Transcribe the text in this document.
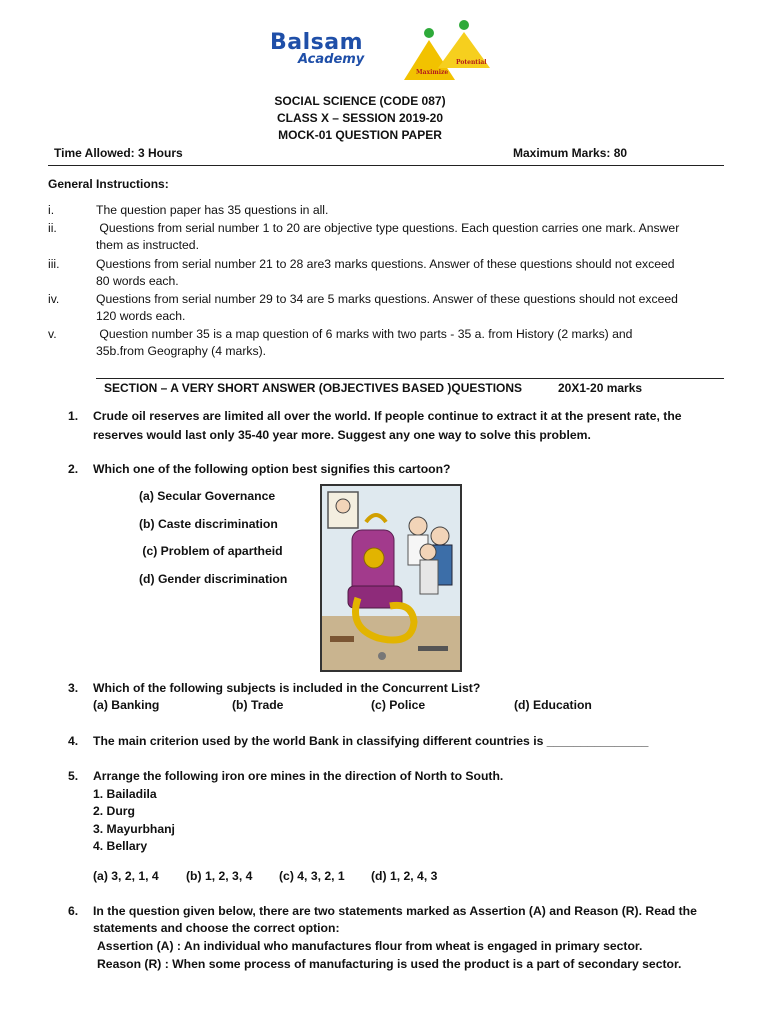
Balsam
Academy
Maximize
Potential
SOCIAL SCIENCE (CODE 087)
CLASS X – SESSION 2019-20
MOCK-01 QUESTION PAPER
Time Allowed: 3 Hours	Maximum Marks: 80
General Instructions:
i.	The question paper has 35 questions in all.
ii.	Questions from serial number 1 to 20 are objective type questions. Each question carries one mark. Answer
them as instructed.
iii.	Questions from serial number 21 to 28 are3 marks questions. Answer of these questions should not exceed
80 words each.
iv.	Questions from serial number 29 to 34 are 5 marks questions. Answer of these questions should not exceed
120 words each.
v.	Question number 35 is a map question of 6 marks with two parts - 35 a. from History (2 marks) and
35b.from Geography (4 marks).
SECTION – A VERY SHORT ANSWER (OBJECTIVES BASED )QUESTIONS	20X1-20 marks
1. Crude oil reserves are limited all over the world. If people continue to extract it at the present rate, the
reserves would last only 35-40 year more. Suggest any one way to solve this problem.
2. Which one of the following option best signifies this cartoon?
(a) Secular Governance
(b) Caste discrimination
(c) Problem of apartheid
(d) Gender discrimination
3. Which of the following subjects is included in the Concurrent List?
(a) Banking	(b) Trade	(c) Police	(d) Education
4. The main criterion used by the world Bank in classifying different countries is _______________
5. Arrange the following iron ore mines in the direction of North to South.
1. Bailadila
2. Durg
3. Mayurbhanj
4. Bellary
(a) 3, 2, 1, 4 (b) 1, 2, 3, 4 (c) 4, 3, 2, 1 (d) 1, 2, 4, 3
6. In the question given below, there are two statements marked as Assertion (A) and Reason (R). Read the
statements and choose the correct option:
Assertion (A) : An individual who manufactures flour from wheat is engaged in primary sector.
Reason (R) : When some process of manufacturing is used the product is a part of secondary sector.
